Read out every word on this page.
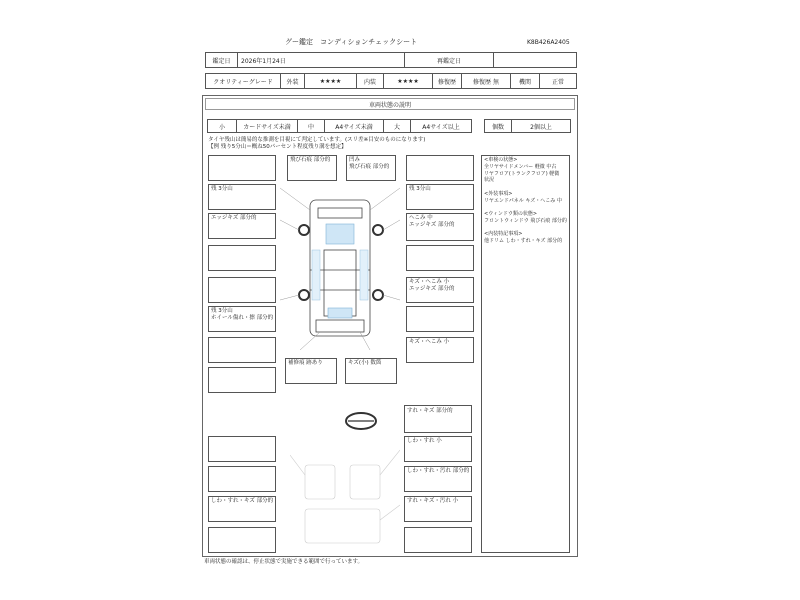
グー鑑定　コンディションチェックシート	K8B426A2405
鑑定日	2026年1月24日	再鑑定日
クオリティーグレード	外装	★★★★	内装	★★★★	修復歴	修復歴 無	機関	正常
車両状態の説明
小	カードサイズ未満	中	A4サイズ未満	大	A4サイズ以上	個数	2個以上
タイヤ残山は簡易的な推測を目視にて判定しています。(スリ差※目安のものになります)
【例 残り5分山＝概ね50パーセント程度残り溝を想定】
<車検の状態>
全リヤサイドメンバー 軽微 中古
リヤフロア(トランクフロア) 軽微
状況

<外装事項>
リヤエンドパネル キズ・へこみ 中

<ウィンドウ類の状態>
フロントウィンドウ 飛び石痕 部分的

<内装特記事項>
他ドリム しわ・すれ・キズ 部分的
残 3分山
エッジキズ 部分的
残 3分山
ホイール傷れ・擦 部分的
飛び石痕 部分的	凹み
飛び石痕 部分的
残 3分山
へこみ 中
エッジキズ 部分的
キズ・へこみ 小
エッジキズ 部分的
キズ・へこみ 小
補修痕 跡あり	キズ(小) 数箇
すれ・キズ 部分的
しわ・すれ 小
しわ・すれ・汚れ 部分的
すれ・キズ・汚れ 小
しわ・すれ・キズ 部分的
車両状態の確認は、停止状態で実施できる範囲で行っています。
